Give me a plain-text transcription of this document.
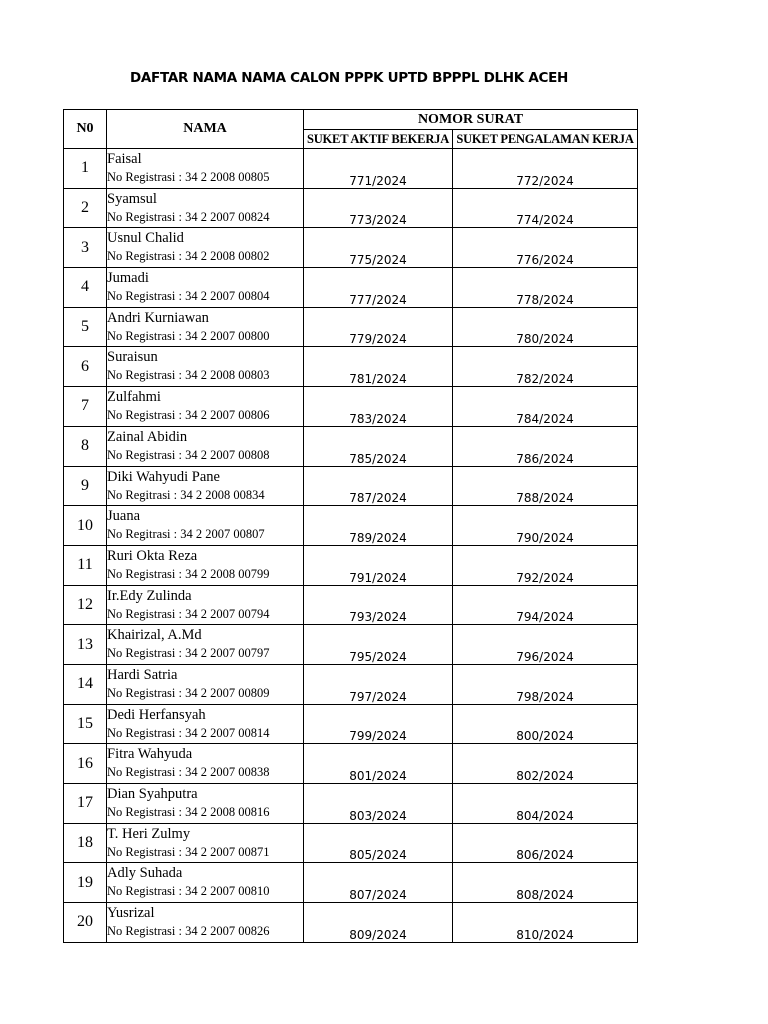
DAFTAR NAMA NAMA CALON PPPK UPTD BPPPL DLHK ACEH
N0	NAMA	NOMOR SURAT	
		SUKET AKTIF BEKERJA	SUKET PENGALAMAN KERJA
1	Faisal
No Registrasi : 34 2 2008 00805	771/2024	772/2024
2	Syamsul
No Registrasi : 34 2 2007 00824	773/2024	774/2024
3	Usnul Chalid
No Registrasi : 34 2 2008 00802	775/2024	776/2024
4	Jumadi
No Registrasi : 34 2 2007 00804	777/2024	778/2024
5	Andri Kurniawan
No Registrasi : 34 2 2007 00800	779/2024	780/2024
6	Suraisun
No Registrasi : 34 2 2008 00803	781/2024	782/2024
7	Zulfahmi
No Registrasi : 34 2 2007 00806	783/2024	784/2024
8	Zainal Abidin
No Registrasi : 34 2 2007 00808	785/2024	786/2024
9	Diki Wahyudi Pane
No Regitrasi : 34 2 2008 00834	787/2024	788/2024
10	Juana
No Regitrasi : 34 2 2007 00807	789/2024	790/2024
11	Ruri Okta Reza
No Registrasi : 34 2 2008 00799	791/2024	792/2024
12	Ir.Edy Zulinda
No Registrasi : 34 2 2007 00794	793/2024	794/2024
13	Khairizal, A.Md
No Registrasi : 34 2 2007 00797	795/2024	796/2024
14	Hardi Satria
No Registrasi : 34 2 2007 00809	797/2024	798/2024
15	Dedi Herfansyah
No Registrasi : 34 2 2007 00814	799/2024	800/2024
16	Fitra Wahyuda
No Registrasi : 34 2 2007 00838	801/2024	802/2024
17	Dian Syahputra
No Registrasi : 34 2 2008 00816	803/2024	804/2024
18	T. Heri Zulmy
No Registrasi : 34 2 2007 00871	805/2024	806/2024
19	Adly Suhada
No Registrasi : 34 2 2007 00810	807/2024	808/2024
20	Yusrizal
No Registrasi : 34 2 2007 00826	809/2024	810/2024
